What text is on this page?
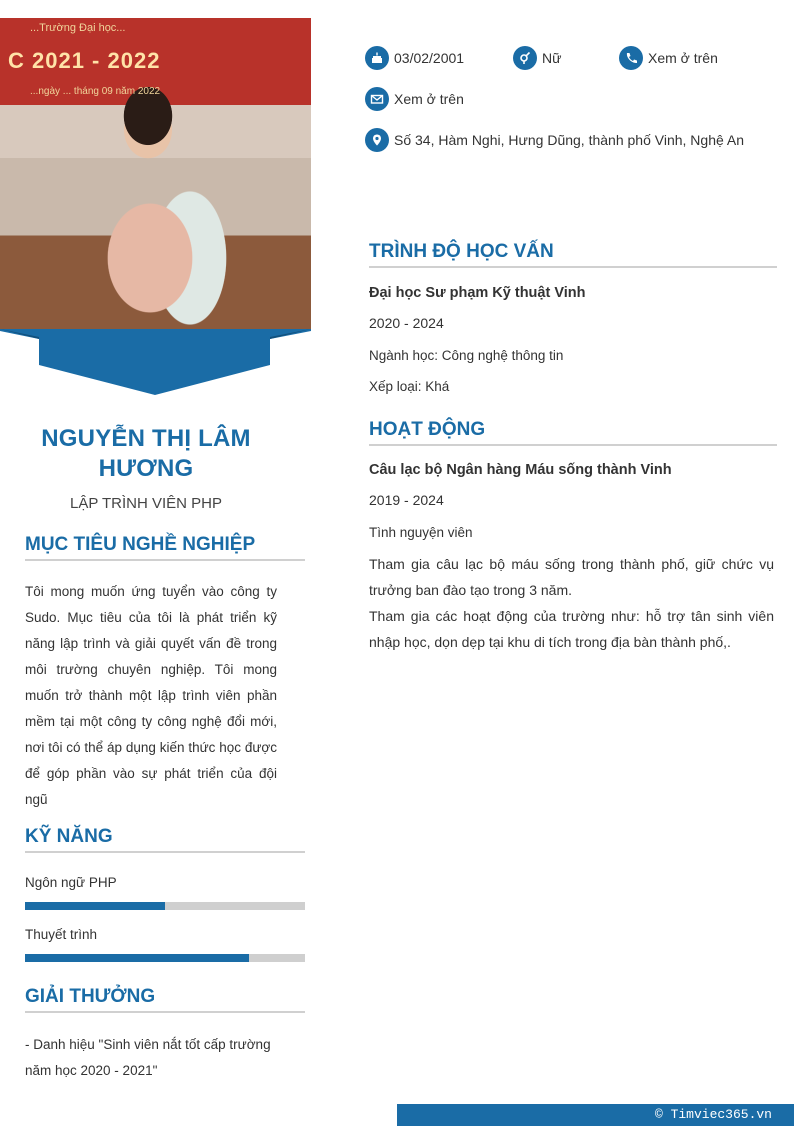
...Trường Đại học...
C 2021 - 2022
...ngày ... tháng 09 năm 2022
NGUYỄN THỊ LÂM HƯƠNG
LẬP TRÌNH VIÊN PHP
MỤC TIÊU NGHỀ NGHIỆP
Tôi mong muốn ứng tuyển vào công ty Sudo. Mục tiêu của tôi là phát triển kỹ năng lập trình và giải quyết vấn đề trong môi trường chuyên nghiệp. Tôi mong muốn trở thành một lập trình viên phần mềm tại một công ty công nghệ đổi mới, nơi tôi có thể áp dụng kiến thức học được để góp phần vào sự phát triển của đội ngũ
KỸ NĂNG
Ngôn ngữ PHP
Thuyết trình
GIẢI THƯỞNG
- Danh hiệu "Sinh viên nắt tốt cấp trường năm học 2020 - 2021"
03/02/2001	Nữ	Xem ở trên
Xem ở trên
Số 34, Hàm Nghi, Hưng Dũng, thành phố Vinh, Nghệ An
TRÌNH ĐỘ HỌC VẤN
Đại học Sư phạm Kỹ thuật Vinh
2020 - 2024
Ngành học: Công nghệ thông tin
Xếp loại: Khá
HOẠT ĐỘNG
Câu lạc bộ Ngân hàng Máu sống thành Vinh
2019 - 2024
Tình nguyện viên
Tham gia câu lạc bộ máu sống trong thành phố, giữ chức vụ trưởng ban đào tạo trong 3 năm.
Tham gia các hoạt động của trường như: hỗ trợ tân sinh viên nhập học, dọn dẹp tại khu di tích trong địa bàn thành phố,.
© Timviec365.vn
